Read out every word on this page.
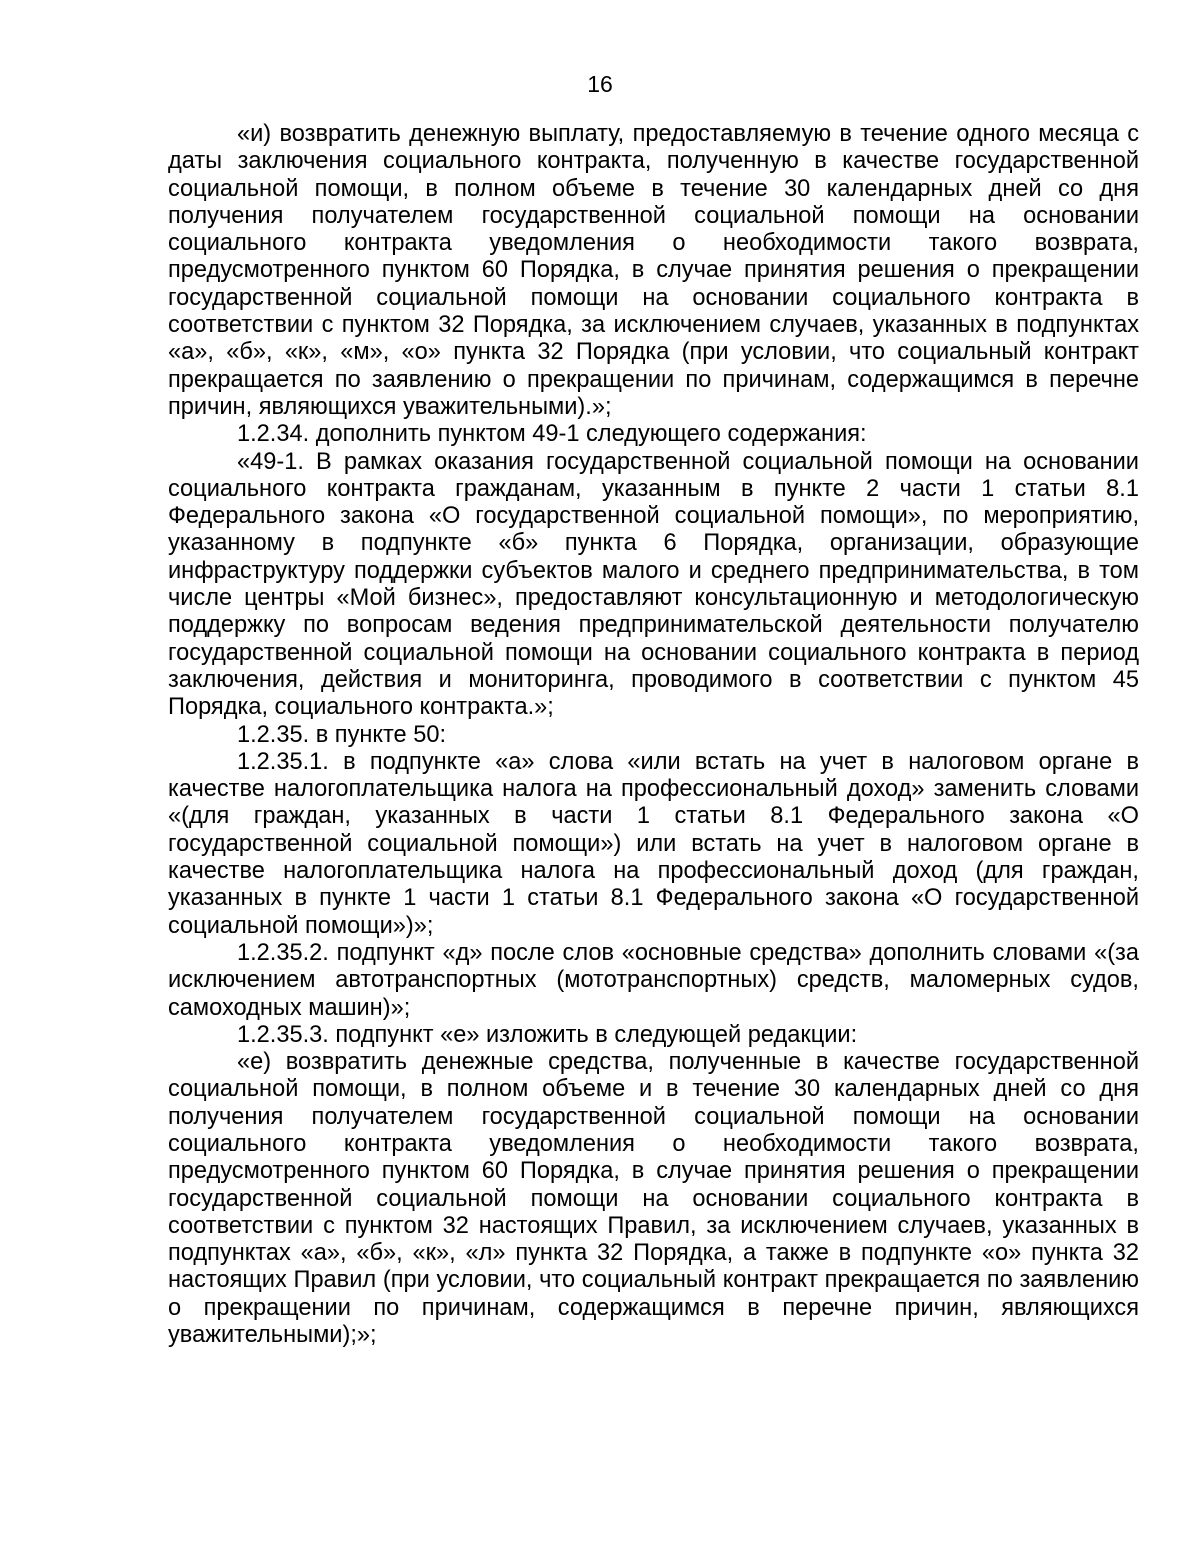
16

«и) возвратить денежную выплату, предоставляемую в течение одного месяца с даты заключения социального контракта, полученную в качестве государственной социальной помощи, в полном объеме в течение 30 календарных дней со дня получения получателем государственной социальной помощи на основании социального контракта уведомления о необходимости такого возврата, предусмотренного пунктом 60 Порядка, в случае принятия решения о прекращении государственной социальной помощи на основании социального контракта в соответствии с пунктом 32 Порядка, за исключением случаев, указанных в подпунктах «а», «б», «к», «м», «о» пункта 32 Порядка (при условии, что социальный контракт прекращается по заявлению о прекращении по причинам, содержащимся в перечне причин, являющихся уважительными).»;

1.2.34. дополнить пунктом 49-1 следующего содержания:

«49-1. В рамках оказания государственной социальной помощи на основании социального контракта гражданам, указанным в пункте 2 части 1 статьи 8.1 Федерального закона «О государственной социальной помощи», по мероприятию, указанному в подпункте «б» пункта 6 Порядка, организации, образующие инфраструктуру поддержки субъектов малого и среднего предпринимательства, в том числе центры «Мой бизнес», предоставляют консультационную и методологическую поддержку по вопросам ведения предпринимательской деятельности получателю государственной социальной помощи на основании социального контракта в период заключения, действия и мониторинга, проводимого в соответствии с пунктом 45 Порядка, социального контракта.»;

1.2.35. в пункте 50:

1.2.35.1. в подпункте «а» слова «или встать на учет в налоговом органе в качестве налогоплательщика налога на профессиональный доход» заменить словами «(для граждан, указанных в части 1 статьи 8.1 Федерального закона «О государственной социальной помощи») или встать на учет в налоговом органе в качестве налогоплательщика налога на профессиональный доход (для граждан, указанных в пункте 1 части 1 статьи 8.1 Федерального закона «О государственной социальной помощи»)»;

1.2.35.2. подпункт «д» после слов «основные средства» дополнить словами «(за исключением автотранспортных (мототранспортных) средств, маломерных судов, самоходных машин)»;

1.2.35.3. подпункт «е» изложить в следующей редакции:

«е) возвратить денежные средства, полученные в качестве государственной социальной помощи, в полном объеме и в течение 30 календарных дней со дня получения получателем государственной социальной помощи на основании социального контракта уведомления о необходимости такого возврата, предусмотренного пунктом 60 Порядка, в случае принятия решения о прекращении государственной социальной помощи на основании социального контракта в соответствии с пунктом 32 настоящих Правил, за исключением случаев, указанных в подпунктах «а», «б», «к», «л» пункта 32 Порядка, а также в подпункте «о» пункта 32 настоящих Правил (при условии, что социальный контракт прекращается по заявлению о прекращении по причинам, содержащимся в перечне причин, являющихся уважительными);»;
